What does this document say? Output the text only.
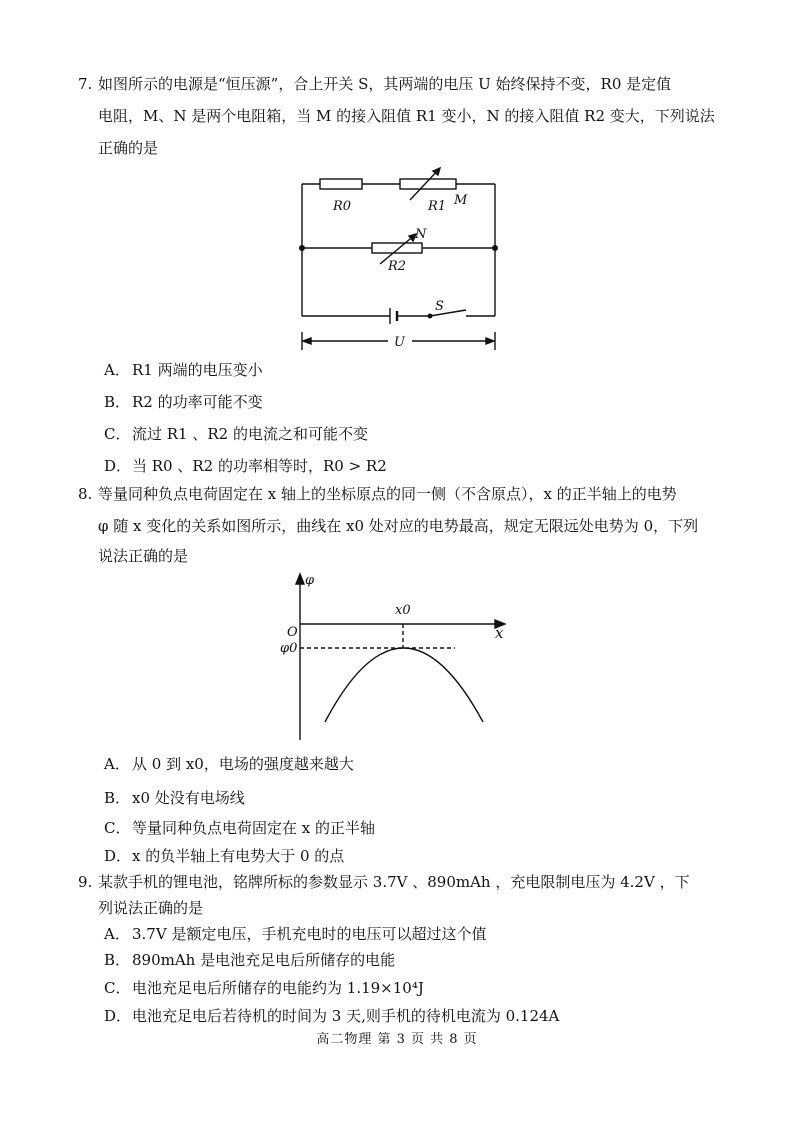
7. 如图所示的电源是“恒压源”，合上开关 S，其两端的电压 U 始终保持不变，R0 是定值
电阻，M、N 是两个电阻箱，当 M 的接入阻值 R1 变小，N 的接入阻值 R2 变大，下列说法
正确的是
R0	R1 M
N
R2
S
U
A． R1 两端的电压变小
B． R2 的功率可能不变
C． 流过 R1 、R2 的电流之和可能不变
D．当 R0 、R2 的功率相等时，R0 > R2
8. 等量同种负点电荷固定在 x 轴上的坐标原点的同一侧（不含原点），x 的正半轴上的电势
φ 随 x 变化的关系如图所示，曲线在 x0 处对应的电势最高，规定无限远处电势为 0，下列
说法正确的是
φ
x
O
x0
φ0
A． 从 0 到 x0，电场的强度越来越大
B． x0 处没有电场线
C． 等量同种负点电荷固定在 x 的正半轴
D．x 的负半轴上有电势大于 0 的点
9. 某款手机的锂电池，铭牌所标的参数显示 3.7V 、890mAh ，充电限制电压为 4.2V ，下
列说法正确的是
A． 3.7V 是额定电压，手机充电时的电压可以超过这个值
B． 890mAh 是电池充足电后所储存的电能
C． 电池充足电后所储存的电能约为 1.19×10⁴J
D．电池充足电后若待机的时间为 3 天,则手机的待机电流为 0.124A
高二物理 第 3 页 共 8 页
